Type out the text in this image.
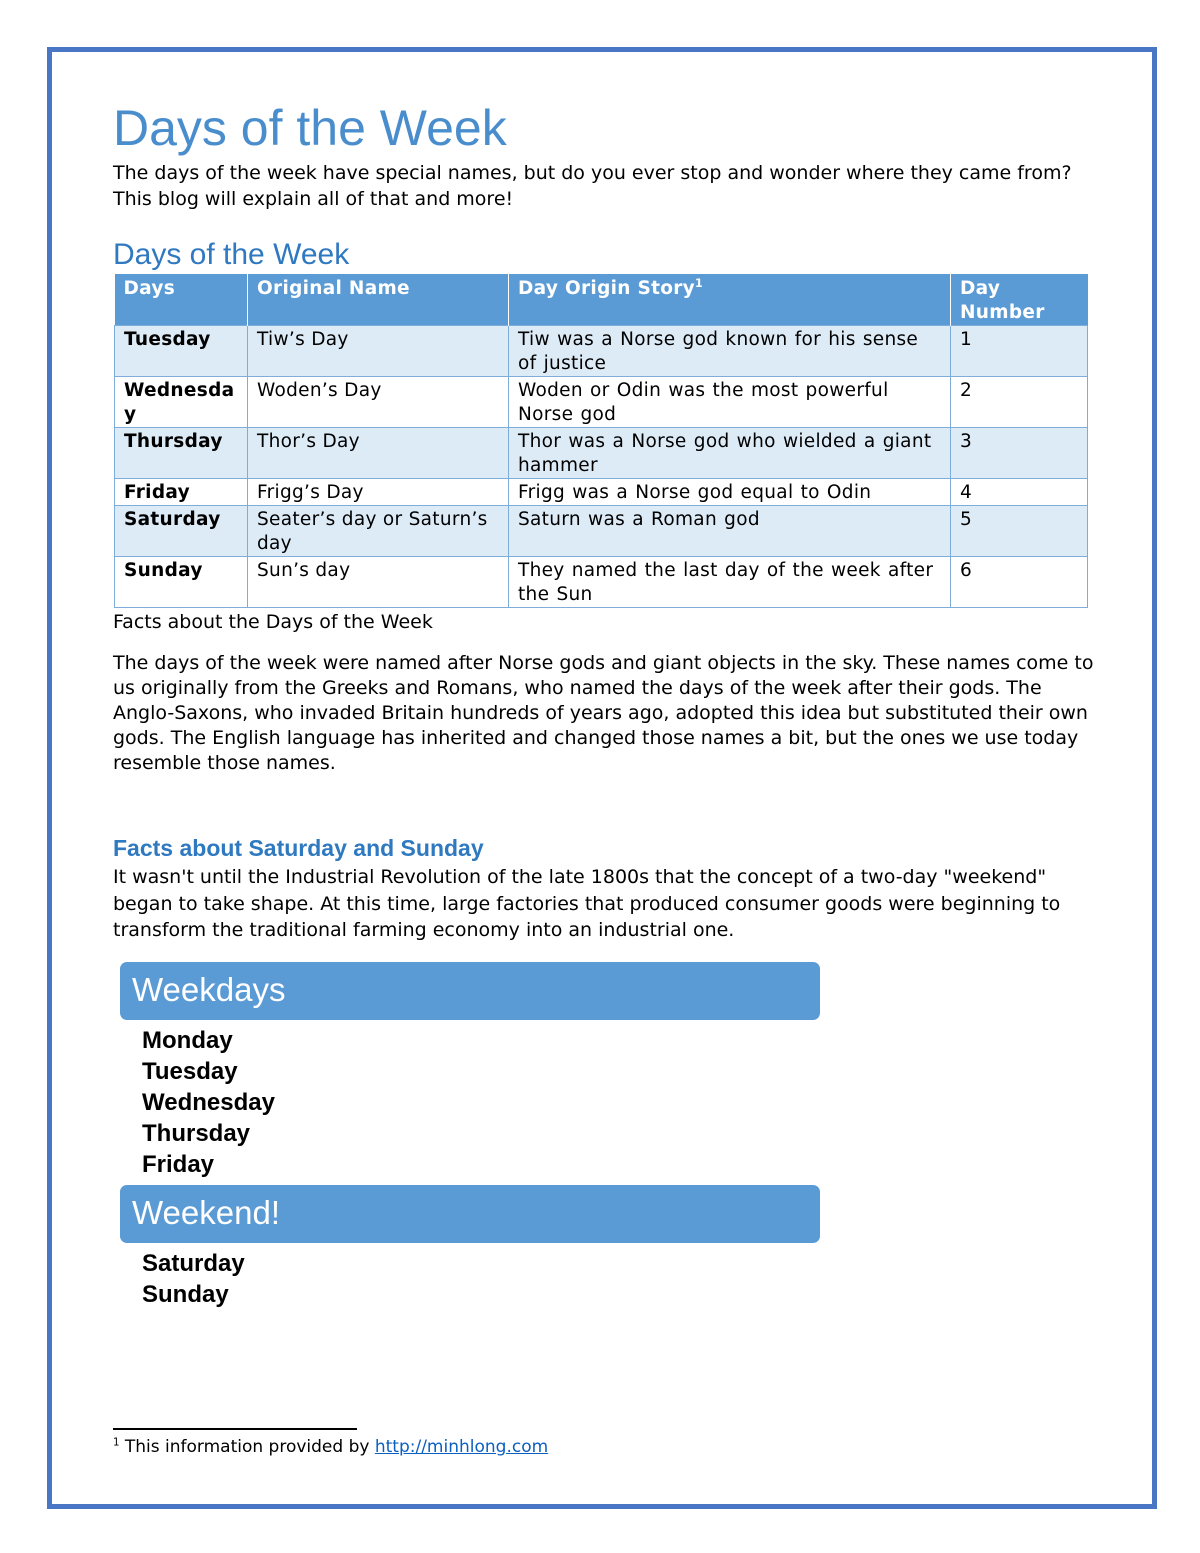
Days of the Week

The days of the week have special names, but do you ever stop and wonder where they came from? This blog will explain all of that and more!

Days of the Week
Days	Original Name	Day Origin Story$^1$	Day Number
Tuesday	Tiw’s Day	Tiw was a Norse god known for his sense of justice	1
Wednesday	Woden’s Day	Woden or Odin was the most powerful Norse god	2
Thursday	Thor’s Day	Thor was a Norse god who wielded a giant hammer	3
Friday	Frigg’s Day	Frigg was a Norse god equal to Odin	4
Saturday	Seater’s day or Saturn’s day	Saturn was a Roman god	5
Sunday	Sun’s day	They named the last day of the week after the Sun	6

Facts about the Days of the Week

The days of the week were named after Norse gods and giant objects in the sky. These names come to us originally from the Greeks and Romans, who named the days of the week after their gods. The Anglo-Saxons, who invaded Britain hundreds of years ago, adopted this idea but substituted their own gods. The English language has inherited and changed those names a bit, but the ones we use today resemble those names.

Facts about Saturday and Sunday

It wasn't until the Industrial Revolution of the late 1800s that the concept of a two-day "weekend" began to take shape. At this time, large factories that produced consumer goods were beginning to transform the traditional farming economy into an industrial one.

Weekdays
Monday
Tuesday
Wednesday
Thursday
Friday
Weekend!
Saturday
Sunday

$^1$ This information provided by http://minhlong.com
